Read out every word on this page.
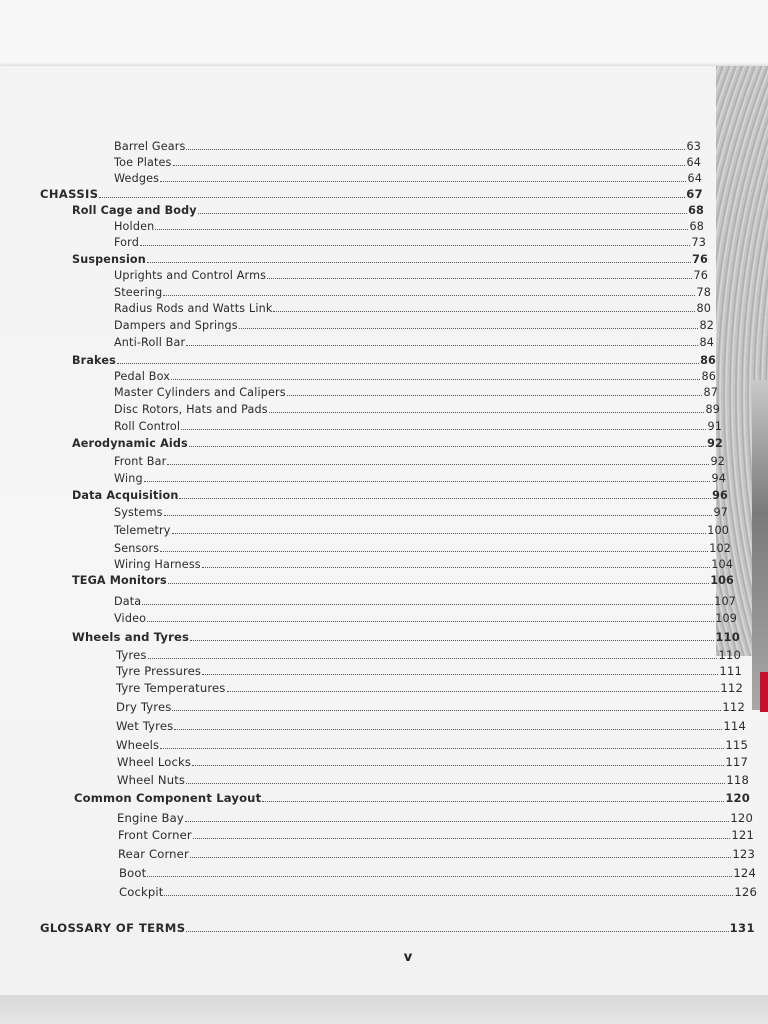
Barrel Gears	63
Toe Plates	64
Wedges	64
CHASSIS	67
Roll Cage and Body	68
Holden	68
Ford	73
Suspension	76
Uprights and Control Arms	76
Steering	78
Radius Rods and Watts Link	80
Dampers and Springs	82
Anti-Roll Bar	84
Brakes	86
Pedal Box	86
Master Cylinders and Calipers	87
Disc Rotors, Hats and Pads	89
Roll Control	91
Aerodynamic Aids	92
Front Bar	92
Wing	94
Data Acquisition	96
Systems	97
Telemetry	100
Sensors	102
Wiring Harness	104
TEGA Monitors	106
Data	107
Video	109
Wheels and Tyres	110
Tyres	110
Tyre Pressures	111
Tyre Temperatures	112
Dry Tyres	112
Wet Tyres	114
Wheels	115
Wheel Locks	117
Wheel Nuts	118
Common Component Layout	120
Engine Bay	120
Front Corner	121
Rear Corner	123
Boot	124
Cockpit	126
GLOSSARY OF TERMS	131
v
